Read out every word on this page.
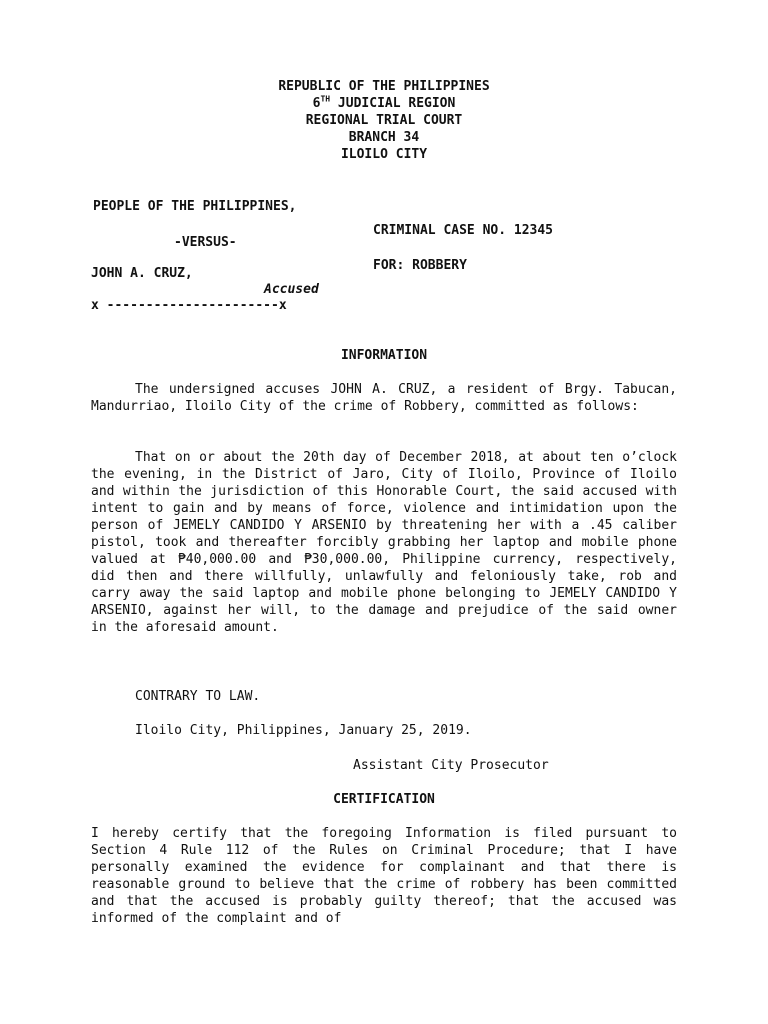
REPUBLIC OF THE PHILIPPINES
6TH JUDICIAL REGION
REGIONAL TRIAL COURT
BRANCH 34
ILOILO CITY
PEOPLE OF THE PHILIPPINES,
CRIMINAL CASE NO. 12345
-VERSUS-
FOR: ROBBERY
JOHN A. CRUZ,
Accused
x ----------------------x
INFORMATION
The undersigned accuses JOHN A. CRUZ, a resident of Brgy. Tabucan, Mandurriao, Iloilo City of the crime of Robbery, committed as follows:
That on or about the 20th day of December 2018, at about ten o’clock the evening, in the District of Jaro, City of Iloilo, Province of Iloilo and within the jurisdiction of this Honorable Court, the said accused with intent to gain and by means of force, violence and intimidation upon the person of JEMELY CANDIDO Y ARSENIO by threatening her with a .45 caliber pistol, took and thereafter forcibly grabbing her laptop and mobile phone valued at ₱40,000.00 and ₱30,000.00, Philippine currency, respectively, did then and there willfully, unlawfully and feloniously take, rob and carry away the said laptop and mobile phone belonging to JEMELY CANDIDO Y ARSENIO, against her will, to the damage and prejudice of the said owner in the aforesaid amount.
CONTRARY TO LAW.
Iloilo City, Philippines, January 25, 2019.
Assistant City Prosecutor
CERTIFICATION
I hereby certify that the foregoing Information is filed pursuant to Section 4 Rule 112 of the Rules on Criminal Procedure; that I have personally examined the evidence for complainant and that there is reasonable ground to believe that the crime of robbery has been committed and that the accused is probably guilty thereof; that the accused was informed of the complaint and of
